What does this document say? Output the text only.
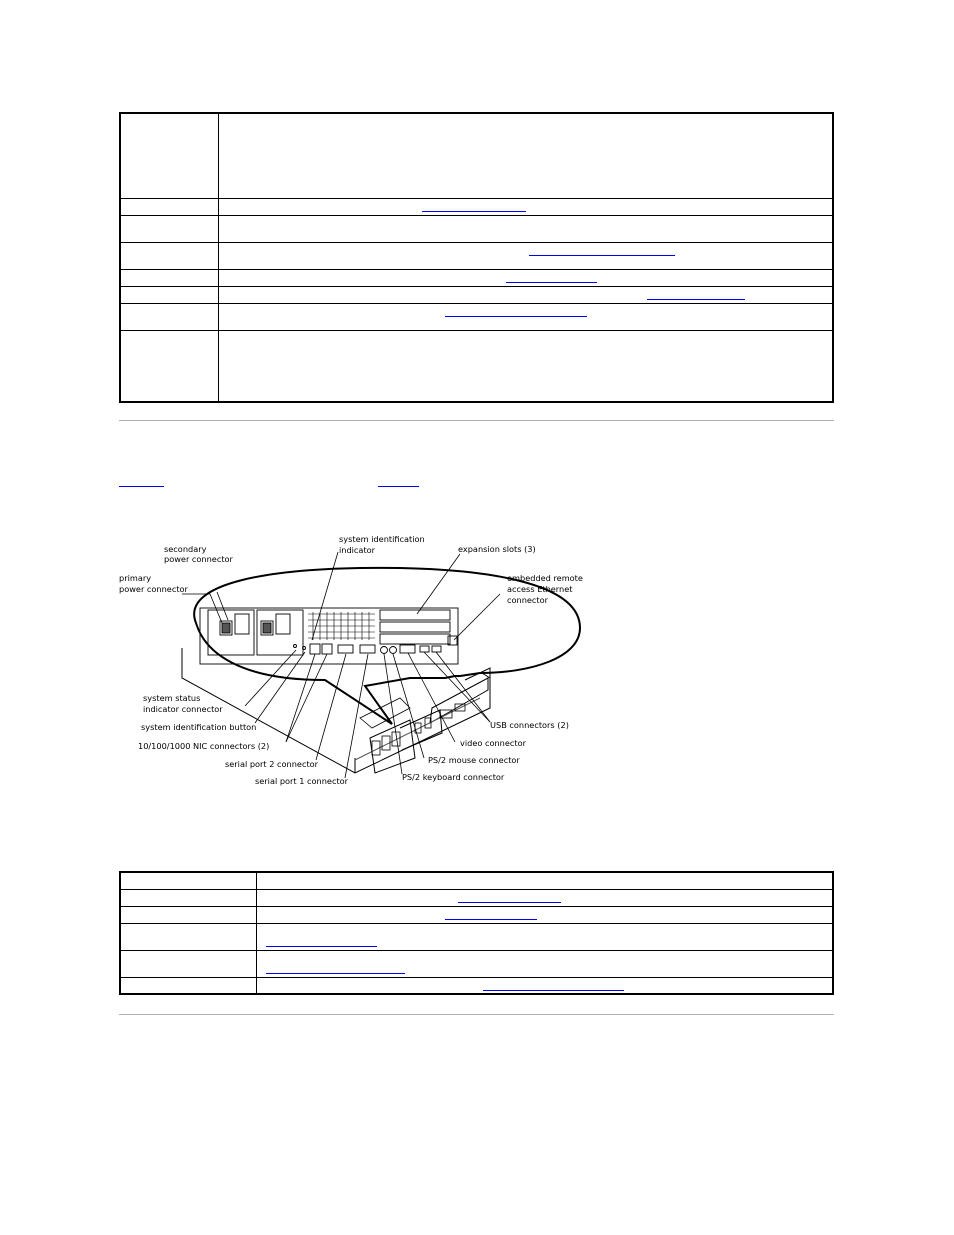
secondary power connector
primary power connector
system identification indicator	expansion slots (3)
embedded remote access Ethernet connector
system status indicator connector
system identification button
10/100/1000 NIC connectors (2)
serial port 2 connector
serial port 1 connector
USB connectors (2)
video connector
PS/2 mouse connector
PS/2 keyboard connector
